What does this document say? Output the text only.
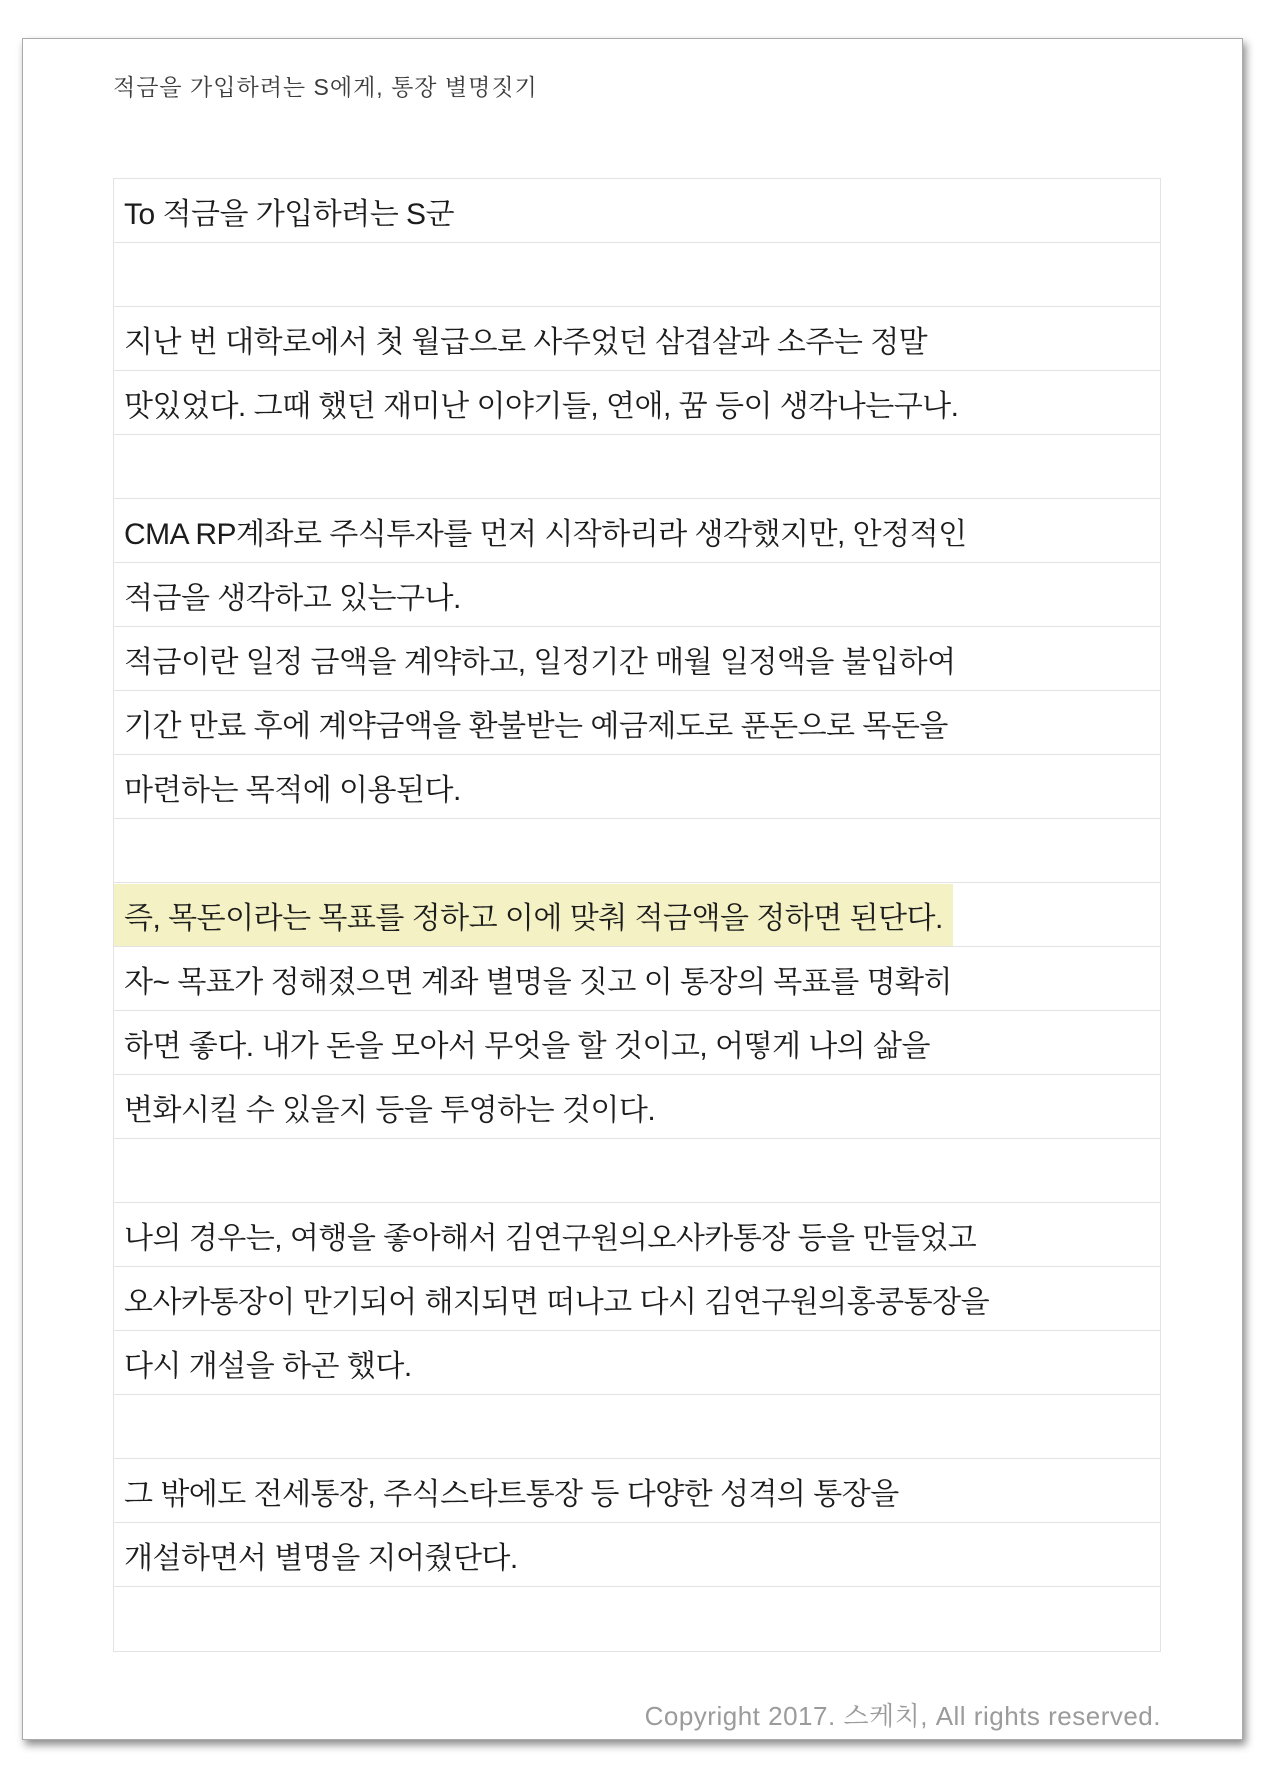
적금을 가입하려는 S에게, 통장 별명짓기
To 적금을 가입하려는 S군
지난 번 대학로에서 첫 월급으로 사주었던 삼겹살과 소주는 정말
맛있었다. 그때 했던 재미난 이야기들, 연애, 꿈 등이 생각나는구나.
CMA RP계좌로 주식투자를 먼저 시작하리라 생각했지만, 안정적인
적금을 생각하고 있는구나.
적금이란 일정 금액을 계약하고, 일정기간 매월 일정액을 불입하여
기간 만료 후에 계약금액을 환불받는 예금제도로 푼돈으로 목돈을
마련하는 목적에 이용된다.
즉, 목돈이라는 목표를 정하고 이에 맞춰 적금액을 정하면 된단다.
자~ 목표가 정해졌으면 계좌 별명을 짓고 이 통장의 목표를 명확히
하면 좋다. 내가 돈을 모아서 무엇을 할 것이고, 어떻게 나의 삶을
변화시킬 수 있을지 등을 투영하는 것이다.
나의 경우는, 여행을 좋아해서 김연구원의오사카통장 등을 만들었고
오사카통장이 만기되어 해지되면 떠나고 다시 김연구원의홍콩통장을
다시 개설을 하곤 했다.
그 밖에도 전세통장, 주식스타트통장 등 다양한 성격의 통장을
개설하면서 별명을 지어줬단다.
Copyright 2017. 스케치, All rights reserved.
